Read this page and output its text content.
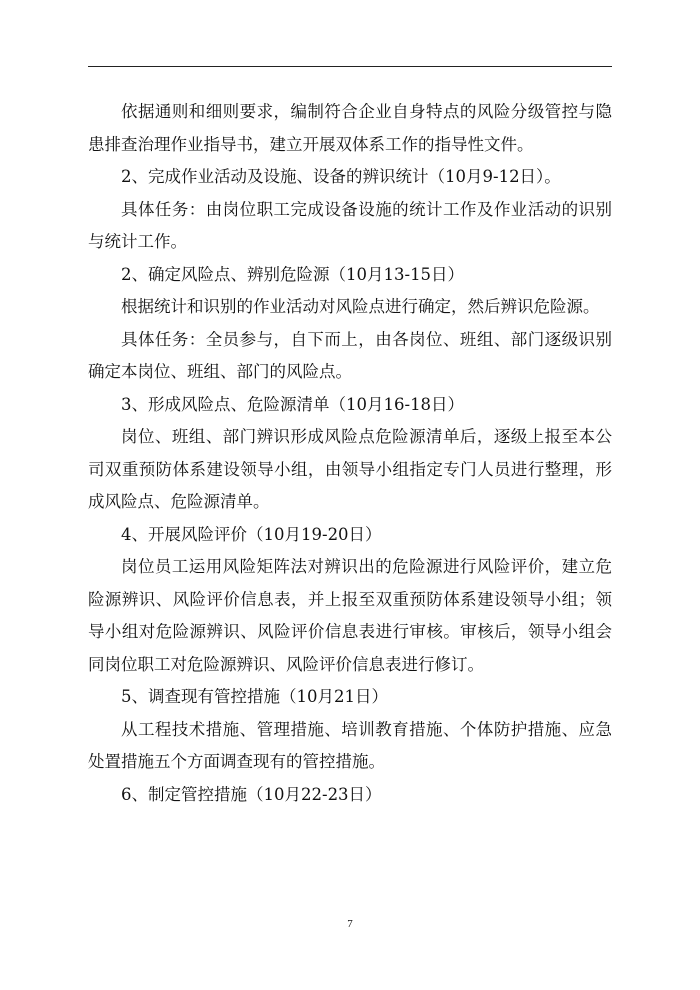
依据通则和细则要求，编制符合企业自身特点的风险分级管控与隐患排查治理作业指导书，建立开展双体系工作的指导性文件。

2、完成作业活动及设施、设备的辨识统计（10月9-12日）。

具体任务：由岗位职工完成设备设施的统计工作及作业活动的识别与统计工作。

2、确定风险点、辨别危险源（10月13-15日）

根据统计和识别的作业活动对风险点进行确定，然后辨识危险源。

具体任务：全员参与，自下而上，由各岗位、班组、部门逐级识别确定本岗位、班组、部门的风险点。

3、形成风险点、危险源清单（10月16-18日）

岗位、班组、部门辨识形成风险点危险源清单后，逐级上报至本公司双重预防体系建设领导小组，由领导小组指定专门人员进行整理，形成风险点、危险源清单。

4、开展风险评价（10月19-20日）

岗位员工运用风险矩阵法对辨识出的危险源进行风险评价，建立危险源辨识、风险评价信息表，并上报至双重预防体系建设领导小组；领导小组对危险源辨识、风险评价信息表进行审核。审核后，领导小组会同岗位职工对危险源辨识、风险评价信息表进行修订。

5、调查现有管控措施（10月21日）

从工程技术措施、管理措施、培训教育措施、个体防护措施、应急处置措施五个方面调查现有的管控措施。

6、制定管控措施（10月22-23日）

7
